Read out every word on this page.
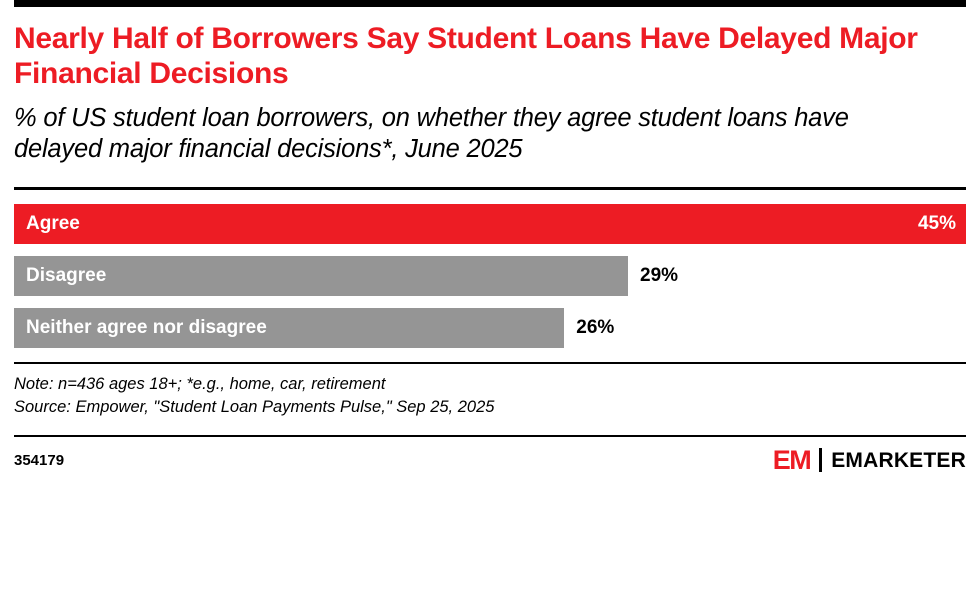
Nearly Half of Borrowers Say Student Loans Have Delayed Major Financial Decisions
% of US student loan borrowers, on whether they agree student loans have delayed major financial decisions*, June 2025
Agree	45%
Disagree	29%
Neither agree nor disagree	26%
Note: n=436 ages 18+; *e.g., home, car, retirement
Source: Empower, "Student Loan Payments Pulse," Sep 25, 2025
354179	EM EMARKETER
